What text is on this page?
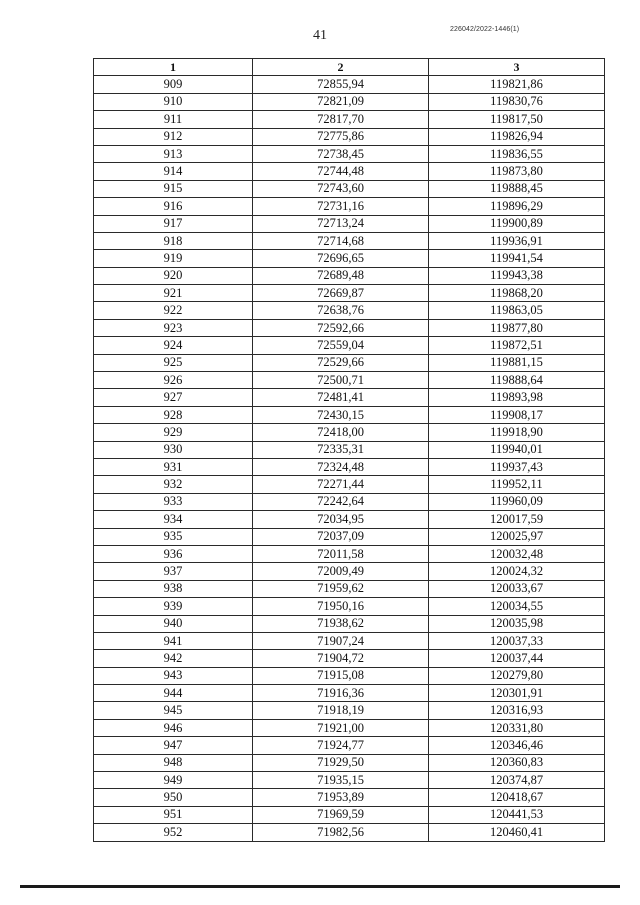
41	226042/2022-1446(1)
1	2	3
909	72855,94	119821,86
910	72821,09	119830,76
911	72817,70	119817,50
912	72775,86	119826,94
913	72738,45	119836,55
914	72744,48	119873,80
915	72743,60	119888,45
916	72731,16	119896,29
917	72713,24	119900,89
918	72714,68	119936,91
919	72696,65	119941,54
920	72689,48	119943,38
921	72669,87	119868,20
922	72638,76	119863,05
923	72592,66	119877,80
924	72559,04	119872,51
925	72529,66	119881,15
926	72500,71	119888,64
927	72481,41	119893,98
928	72430,15	119908,17
929	72418,00	119918,90
930	72335,31	119940,01
931	72324,48	119937,43
932	72271,44	119952,11
933	72242,64	119960,09
934	72034,95	120017,59
935	72037,09	120025,97
936	72011,58	120032,48
937	72009,49	120024,32
938	71959,62	120033,67
939	71950,16	120034,55
940	71938,62	120035,98
941	71907,24	120037,33
942	71904,72	120037,44
943	71915,08	120279,80
944	71916,36	120301,91
945	71918,19	120316,93
946	71921,00	120331,80
947	71924,77	120346,46
948	71929,50	120360,83
949	71935,15	120374,87
950	71953,89	120418,67
951	71969,59	120441,53
952	71982,56	120460,41
